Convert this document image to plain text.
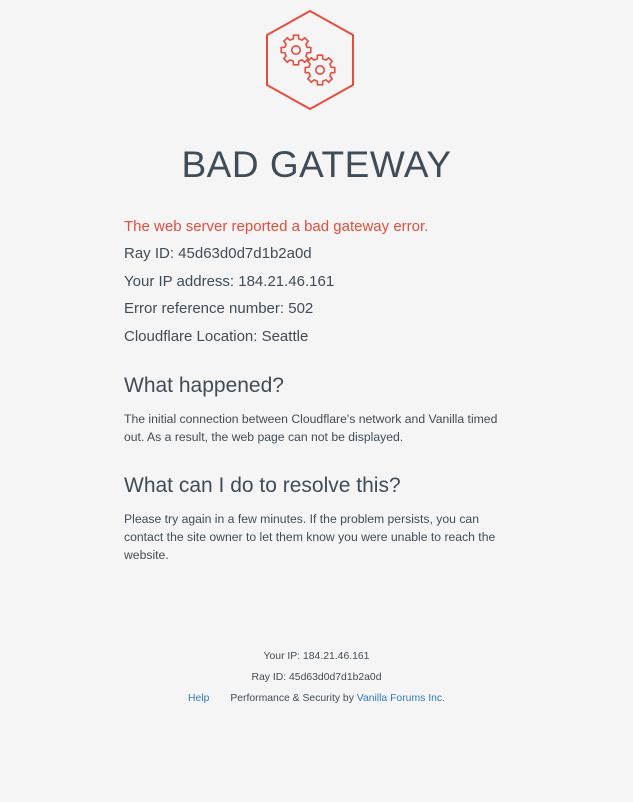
BAD GATEWAY

The web server reported a bad gateway error.

Ray ID: 45d63d0d7d1b2a0d

Your IP address: 184.21.46.161

Error reference number: 502

Cloudflare Location: Seattle

What happened?

The initial connection between Cloudflare's network and Vanilla timed out. As a result, the web page can not be displayed.

What can I do to resolve this?

Please try again in a few minutes. If the problem persists, you can contact the site owner to let them know you were unable to reach the website.

Your IP: 184.21.46.161
Ray ID: 45d63d0d7d1b2a0d
Help Performance & Security by Vanilla Forums Inc.
